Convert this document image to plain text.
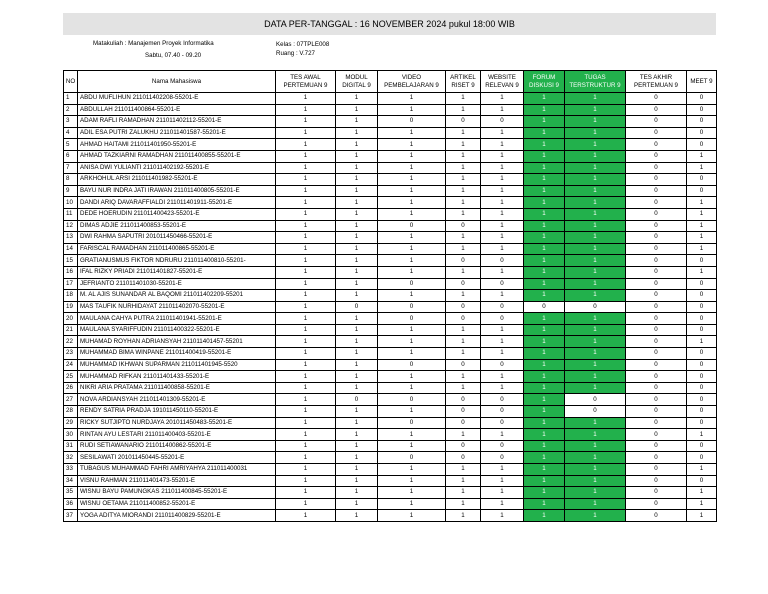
DATA PER-TANGGAL : 16 NOVEMBER 2024 pukul 18:00 WIB
Matakuliah : Manajemen Proyek Informatika
Sabtu, 07.40 - 09.20
Kelas : 07TPLE008
Ruang : V.727
NO	Nama Mahasiswa	TES AWAL PERTEMUAN 9	MODUL DIGITAL 9	VIDEO PEMBELAJARAN 9	ARTIKEL RISET 9	WEBSITE RELEVAN 9	FORUM DISKUSI 9	TUGAS TERSTRUKTUR 9	TES AKHIR PERTEMUAN 9	MEET 9
1	ABDU MUFLIHUN 211011402208-55201-E	1	1	1	1	1	1	1	0	0
2	ABDULLAH 211011400864-55201-E	1	1	1	1	1	1	1	0	0
3	ADAM RAFLI RAMADHAN 211011402112-55201-E	1	1	0	0	0	1	1	0	0
4	ADIL ESA PUTRI ZALUKHU 211011401587-55201-E	1	1	1	1	1	1	1	0	0
5	AHMAD HAITAMI 211011401950-55201-E	1	1	1	1	1	1	1	0	0
6	AHMAD TAZKIARNI RAMADHAN 211011400855-55201-E	1	1	1	1	1	1	1	0	1
7	ANISA DWI YULIANTI 211011402192-55201-E	1	1	1	1	1	1	1	0	1
8	ARKHOHUL ARSI 211011401982-55201-E	1	1	1	1	1	1	1	0	0
9	BAYU NUR INDRA JATI IRAWAN 211011400805-55201-E	1	1	1	1	1	1	1	0	0
10	DANDI ARIQ DAVARAFFIALDI 211011401911-55201-E	1	1	1	1	1	1	1	0	1
11	DEDE HOERUDIN 211011400423-55201-E	1	1	1	1	1	1	1	0	1
12	DIMAS ADJIE 211011400853-55201-E	1	1	0	0	1	1	1	0	1
13	DWI RAHMA SAPUTRI 201011450466-55201-E	1	1	1	1	1	1	1	0	1
14	FARISCAL RAMADHAN 211011400865-55201-E	1	1	1	1	1	1	1	0	1
15	GRATIANUSMUS FIKTOR NDRURU 211011400810-55201-	1	1	1	0	0	1	1	0	0
16	IFAL RIZKY PRIADI 211011401827-55201-E	1	1	1	1	1	1	1	0	1
17	JEFRIANTO 211011401030-55201-E	1	1	0	0	0	1	1	0	0
18	M. AL AJIS SUNANDAR AL BAQOMI 211011402209-55201	1	1	1	1	1	1	1	0	0
19	MAS TAUFIK NURHIDAYAT 211011402070-55201-E	1	0	0	0	0	0	0	0	0
20	MAULANA CAHYA PUTRA 211011401941-55201-E	1	1	0	0	0	1	1	0	0
21	MAULANA SYARIFFUDIN 211011400322-55201-E	1	1	1	1	1	1	1	0	0
22	MUHAMAD ROYHAN ADRIANSYAH 211011401457-55201	1	1	1	1	1	1	1	0	1
23	MUHAMMAD BIMA WINPANE 211011400419-55201-E	1	1	1	1	1	1	1	0	0
24	MUHAMMAD IKHWAN SUPARMAN 211011401945-5520	1	1	0	0	0	1	1	0	0
25	MUHAMMAD RIFKAN 211011401433-55201-E	1	1	1	1	1	1	1	0	0
26	NIKRI ARIA PRATAMA 211011400858-55201-E	1	1	1	1	1	1	1	0	0
27	NOVA ARDIANSYAH 211011401309-55201-E	1	0	0	0	0	1	0	0	0
28	RENDY SATRIA PRADJA 191011450110-55201-E	1	1	1	0	0	1	0	0	0
29	RICKY SUTJIPTO NURDJAYA 201011450483-55201-E	1	1	0	0	0	1	1	0	0
30	RINTAN AYU LESTARI 211011400403-55201-E	1	1	1	1	1	1	1	0	1
31	RUDI SETIAWANARIO 211011400862-55201-E	1	1	1	0	0	1	1	0	0
32	SESILAWATI 201011450445-55201-E	1	1	0	0	0	1	1	0	0
33	TUBAGUS MUHAMMAD FAHRI AMRIYAHYA 211011400031	1	1	1	1	1	1	1	0	1
34	VISNU RAHMAN 211011401473-55201-E	1	1	1	1	1	1	1	0	0
35	WISNU BAYU PAMUNGKAS 211011400845-55201-E	1	1	1	1	1	1	1	0	1
36	WISNU OETAMA 211011400852-55201-E	1	1	1	1	1	1	1	0	1
37	YOGA ADITYA MIORANDI 211011400829-55201-E	1	1	1	1	1	1	1	0	1
